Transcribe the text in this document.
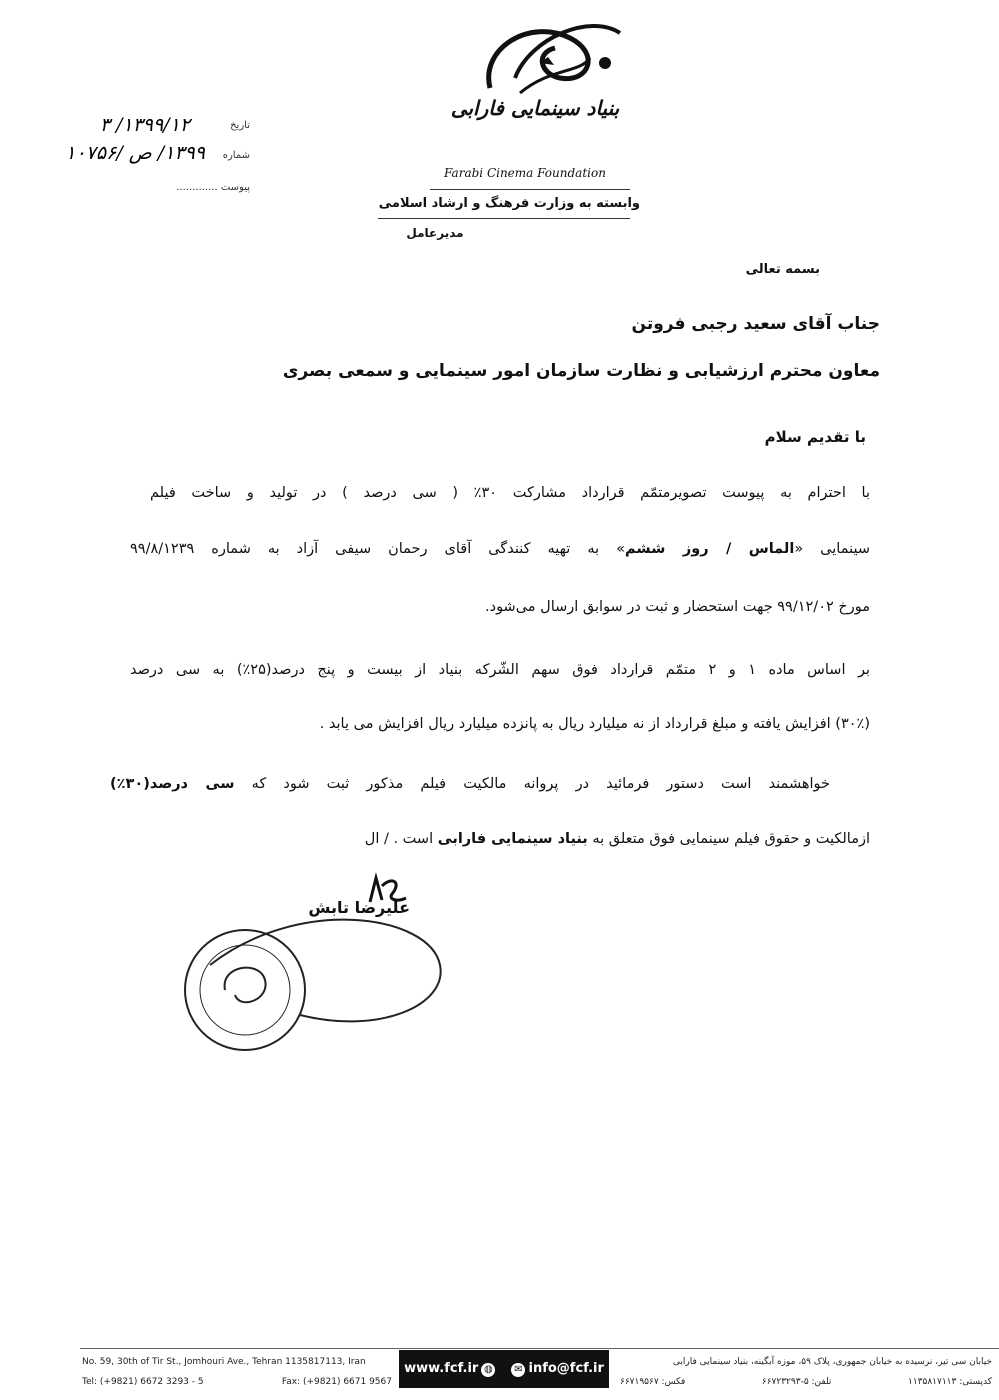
بنیاد سینمایی فارابی
Farabi Cinema Foundation
وابسته به وزارت فرهنگ و ارشاد اسلامی
مدیرعامل
تاریخ
۱۳۹۹/۱۲/ ۳
شماره
۱۳۹۹/ ص /۱۰۷۵۶
پیوست .............
بسمه تعالی
جناب آقای سعید رجبی فروتن
معاون محترم ارزشیابی و نظارت سازمان امور سینمایی و سمعی بصری
با تقدیم سلام
با احترام به پیوست تصویرمتمّم قرارداد مشارکت ۳۰٪ ( سی درصد ) در تولید و ساخت فیلم
سینمایی «الماس / روز ششم» به تهیه کنندگی آقای رحمان سیفی آزاد به شماره ۹۹/۸/۱۲۳۹
مورخ ۹۹/۱۲/۰۲ جهت استحضار و ثبت در سوابق ارسال می‌شود.
بر اساس ماده ۱ و ۲ متمّم قرارداد فوق سهم الشّرکه بنیاد از بیست و پنج درصد(۲۵٪) به سی درصد
(۳۰٪) افزایش یافته و مبلغ قرارداد از نه میلیارد ریال به پانزده میلیارد ریال افزایش می یابد .
خواهشمند است دستور فرمائید در پروانه مالکیت فیلم مذکور ثبت شود که سی درصد(۳۰٪)
ازمالکیت و حقوق فیلم سینمایی فوق متعلق به بنیاد سینمایی فارابی است . / ال
علیرضا تابش
No. 59, 30th of Tir St., Jomhouri Ave., Tehran 1135817113, Iran
Tel: (+9821) 6672 3293 - 5	Fax: (+9821) 6671 9567
www.fcf.ir ◍	✉ info@fcf.ir	خیابان سی تیر، نرسیده به خیابان جمهوری، پلاک ۵۹، موزه آبگینه، بنیاد سینمایی فارابی
کدپستی: ۱۱۳۵۸۱۷۱۱۳
تلفن: ۵-۶۶۷۲۳۲۹۳
فکس: ۶۶۷۱۹۵۶۷
